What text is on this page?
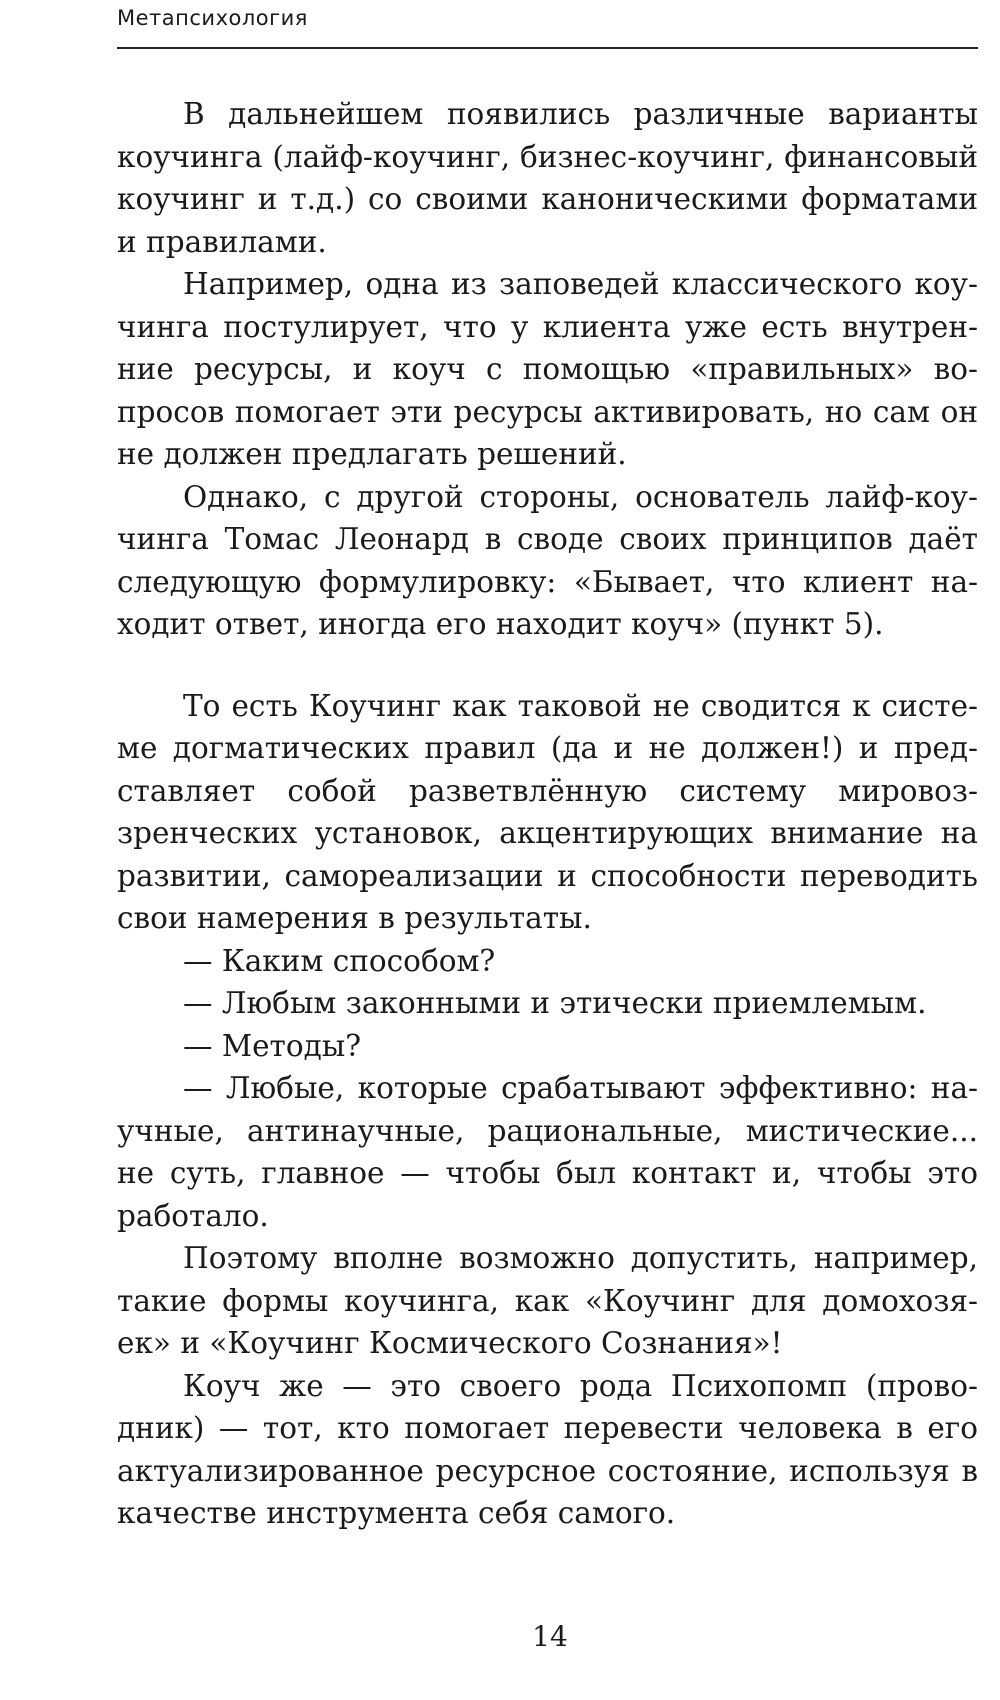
Метапсихология

В дальнейшем появились различные варианты коучинга (лайф-коучинг, бизнес-коучинг, финансовый коучинг и т.д.) со своими каноническими форматами и правилами.

Например, одна из заповедей классического коучинга постулирует, что у клиента уже есть внутренние ресурсы, и коуч с помощью «правильных» вопросов помогает эти ресурсы активировать, но сам он не должен предлагать решений.

Однако, с другой стороны, основатель лайф-коучинга Томас Леонард в своде своих принципов даёт следующую формулировку: «Бывает, что клиент находит ответ, иногда его находит коуч» (пункт 5).

То есть Коучинг как таковой не сводится к системе догматических правил (да и не должен!) и представляет собой разветвлённую систему мировоззренческих установок, акцентирующих внимание на развитии, самореализации и способности переводить свои намерения в результаты.

— Каким способом?

— Любым законными и этически приемлемым.

— Методы?

— Любые, которые срабатывают эффективно: научные, антинаучные, рациональные, мистические... не суть, главное — чтобы был контакт и, чтобы это работало.

Поэтому вполне возможно допустить, например, такие формы коучинга, как «Коучинг для домохозяек» и «Коучинг Космического Сознания»!

Коуч же — это своего рода Психопомп (проводник) — тот, кто помогает перевести человека в его актуализированное ресурсное состояние, используя в качестве инструмента себя самого.

14
